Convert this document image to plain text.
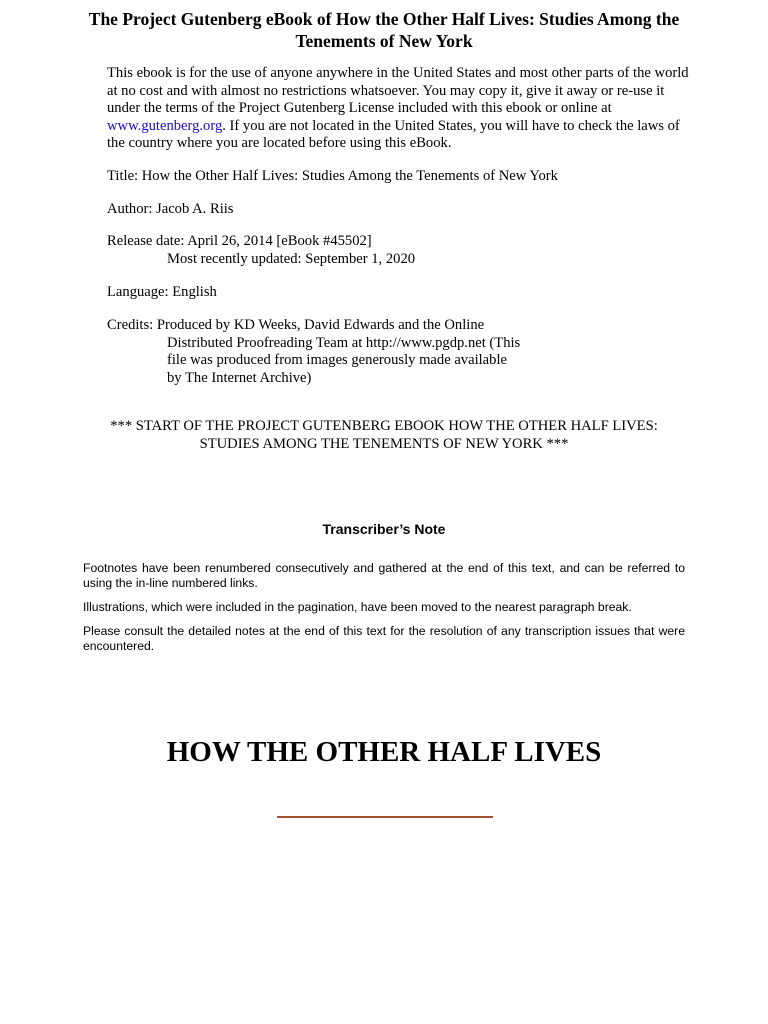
The Project Gutenberg eBook of How the Other Half Lives: Studies Among the Tenements of New York

This ebook is for the use of anyone anywhere in the United States and most other parts of the world at no cost and with almost no restrictions whatsoever. You may copy it, give it away or re-use it under the terms of the Project Gutenberg License included with this ebook or online at www.gutenberg.org. If you are not located in the United States, you will have to check the laws of the country where you are located before using this eBook.

Title: How the Other Half Lives: Studies Among the Tenements of New York

Author: Jacob A. Riis

Release date: April 26, 2014 [eBook #45502]
Most recently updated: September 1, 2020

Language: English

Credits: Produced by KD Weeks, David Edwards and the Online
Distributed Proofreading Team at http://www.pgdp.net (This
file was produced from images generously made available
by The Internet Archive)

*** START OF THE PROJECT GUTENBERG EBOOK HOW THE OTHER HALF LIVES:
STUDIES AMONG THE TENEMENTS OF NEW YORK ***

Transcriber’s Note

Footnotes have been renumbered consecutively and gathered at the end of this text, and can be referred to using the in-line numbered links.

Illustrations, which were included in the pagination, have been moved to the nearest paragraph break.

Please consult the detailed notes at the end of this text for the resolution of any transcription issues that were encountered.

HOW THE OTHER HALF LIVES
